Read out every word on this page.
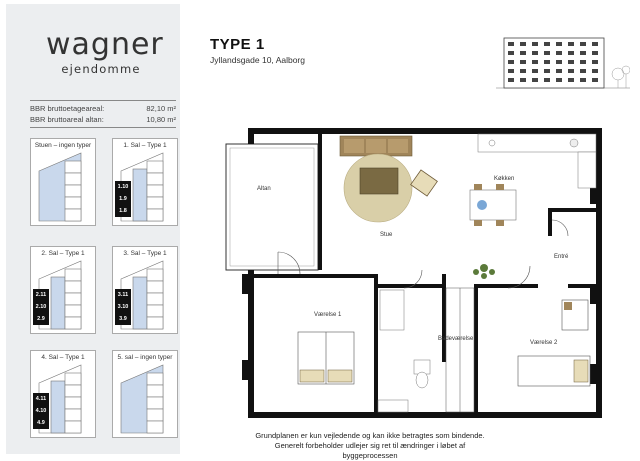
wagner
ejendomme
BBR bruttoetageareal:	82,10 m²
BBR bruttoareal altan:	10,80 m²
Stuen – ingen typer	1. Sal – Type 1
1.10
1.9
1.8
2. Sal – Type 1
2.11
2.10
2.9
3. Sal – Type 1
3.11
3.10
3.9
4. Sal – Type 1
4.11
4.10
4.9
5. sal – ingen typer
TYPE 1
Jyllandsgade 10, Aalborg
Altan
Stue
Køkken
Entré
Værelse 1
Badeværelse
Værelse 2
Grundplanen er kun vejledende og kan ikke betragtes som bindende.
Generelt forbeholder udlejer sig ret til ændringer i løbet af byggeprocessen
